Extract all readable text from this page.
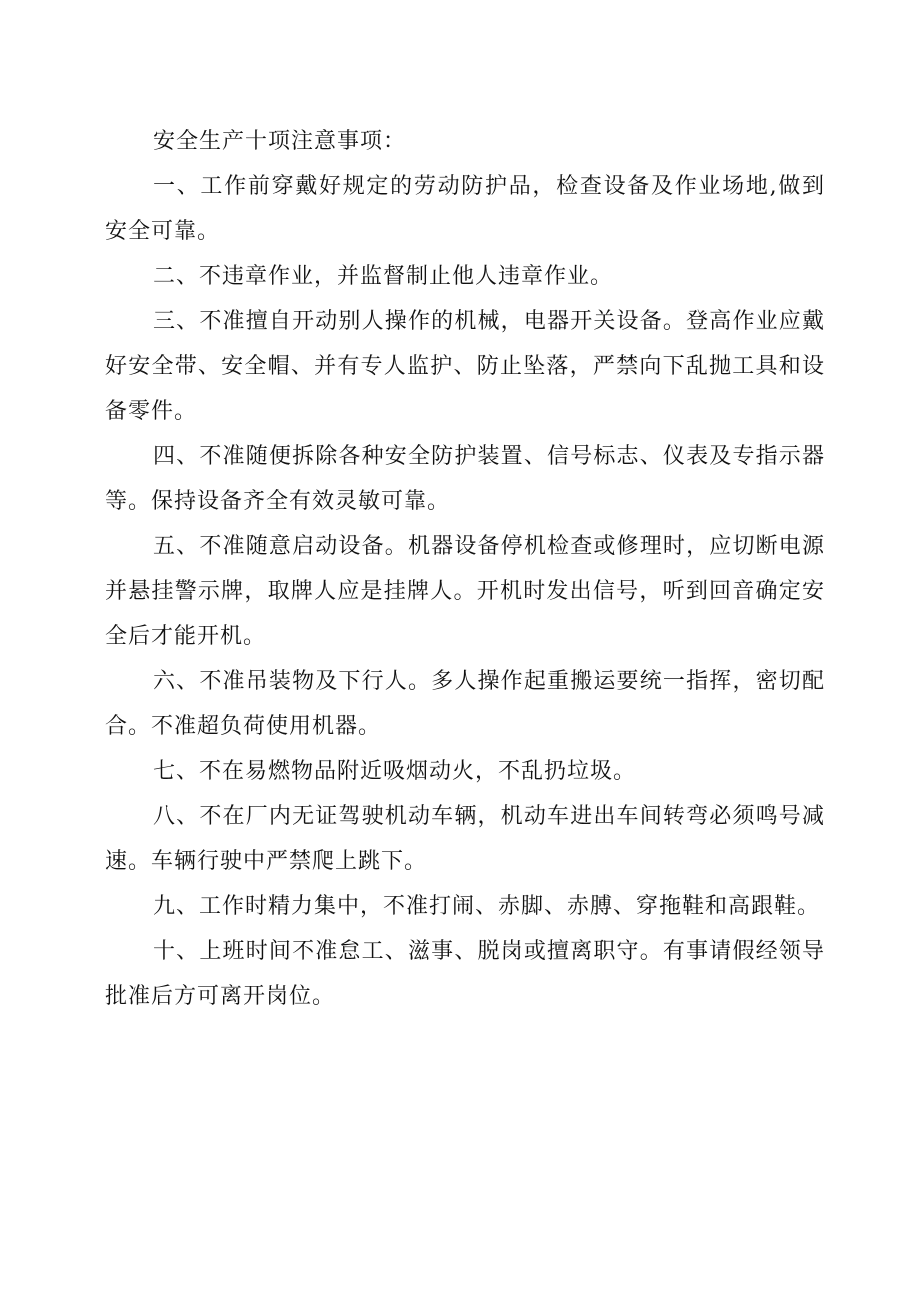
安全生产十项注意事项：

一、工作前穿戴好规定的劳动防护品，检查设备及作业场地,做到安全可靠。

二、不违章作业，并监督制止他人违章作业。

三、不准擅自开动别人操作的机械，电器开关设备。登高作业应戴好安全带、安全帽、并有专人监护、防止坠落，严禁向下乱抛工具和设备零件。

四、不准随便拆除各种安全防护装置、信号标志、仪表及专指示器等。保持设备齐全有效灵敏可靠。

五、不准随意启动设备。机器设备停机检查或修理时，应切断电源并悬挂警示牌，取牌人应是挂牌人。开机时发出信号，听到回音确定安全后才能开机。

六、不准吊装物及下行人。多人操作起重搬运要统一指挥，密切配合。不准超负荷使用机器。

七、不在易燃物品附近吸烟动火，不乱扔垃圾。

八、不在厂内无证驾驶机动车辆，机动车进出车间转弯必须鸣号减速。车辆行驶中严禁爬上跳下。

九、工作时精力集中，不准打闹、赤脚、赤膊、穿拖鞋和高跟鞋。

十、上班时间不准怠工、滋事、脱岗或擅离职守。有事请假经领导批准后方可离开岗位。
